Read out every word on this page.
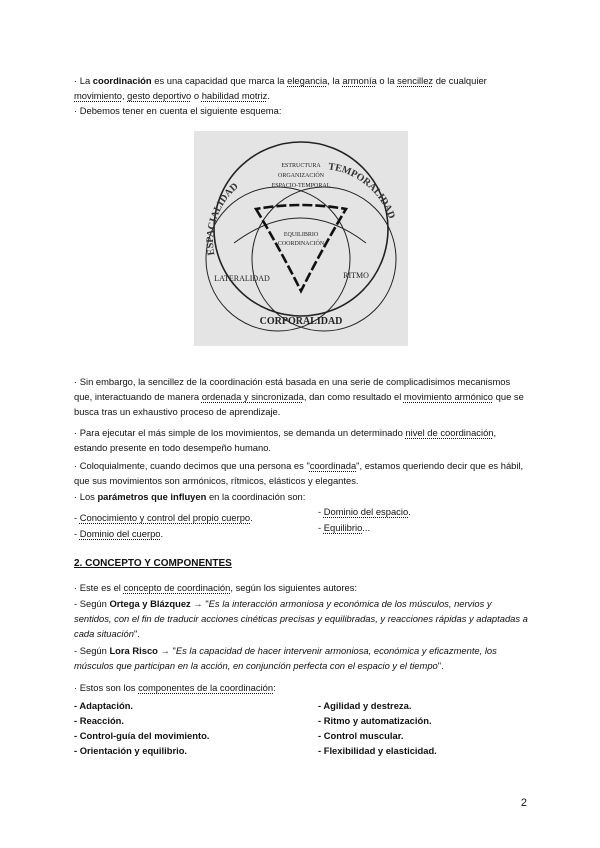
· La coordinación es una capacidad que marca la elegancia, la armonía o la sencillez de cualquier movimiento, gesto deportivo o habilidad motriz.
· Debemos tener en cuenta el siguiente esquema:
ESPACIALIDAD
TEMPORALIDAD
ESTRUCTURA
ORGANIZACIÓN
ESPACIO-TEMPORAL
EQUILIBRIO
COORDINACIÓN
LATERALIDAD	RITMO
CORPORALIDAD
· Sin embargo, la sencillez de la coordinación está basada en una serie de complicadisimos mecanismos que, interactuando de manera ordenada y sincronizada, dan como resultado el movimiento armónico que se busca tras un exhaustivo proceso de aprendizaje.
· Para ejecutar el más simple de los movimientos, se demanda un determinado nivel de coordinación, estando presente en todo desempeño humano.
· Coloquialmente, cuando decimos que una persona es "coordinada", estamos queriendo decir que es hábil, que sus movimientos son armónicos, rítmicos, elásticos y elegantes.
· Los parámetros que influyen en la coordinación son:
- Conocimiento y control del propio cuerpo.
- Dominio del cuerpo.
- Dominio del espacio.
- Equilibrio...
2. CONCEPTO Y COMPONENTES
· Este es el concepto de coordinación, según los siguientes autores:
- Según Ortega y Blázquez → "Es la interacción armoniosa y económica de los músculos, nervios y sentidos, con el fin de traducir acciones cinéticas precisas y equilibradas, y reacciones rápidas y adaptadas a cada situación".
- Según Lora Risco → "Es la capacidad de hacer intervenir armoniosa, económica y eficazmente, los músculos que participan en la acción, en conjunción perfecta con el espacio y el tiempo".
· Estos son los componentes de la coordinación:
- Adaptación.
- Reacción.
- Control-guía del movimiento.
- Orientación y equilibrio.
- Agilidad y destreza.
- Ritmo y automatización.
- Control muscular.
- Flexibilidad y elasticidad.
2
